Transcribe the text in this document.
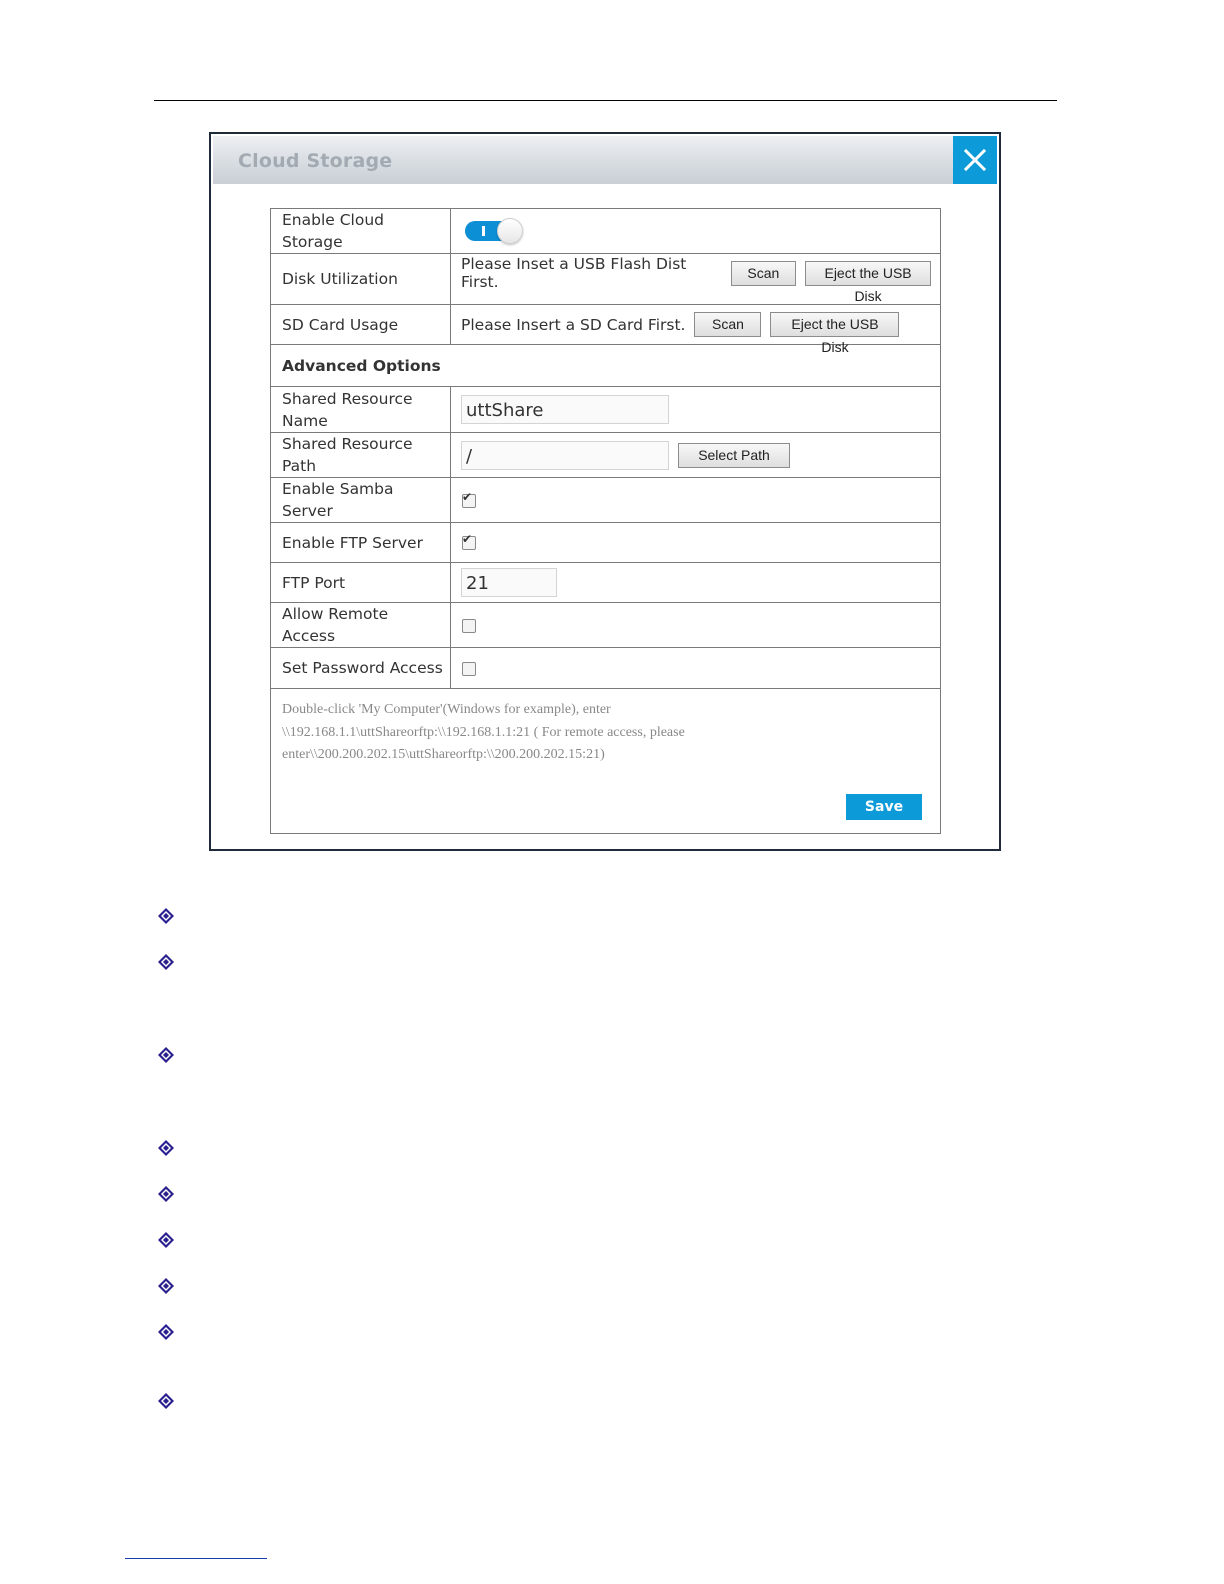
Cloud Storage
Enable Cloud Storage	

Disk Utilization	Please Inset a USB Flash Dist First.
Scan Eject the USB Disk

SD Card Usage	Please Insert a SD Card First. Scan Eject the USB Disk

Advanced Options	
Shared Resource Name	uttShare
Shared Resource Path	/ Select Path

Enable Samba Server	✔

Enable FTP Server	✔

FTP Port	21
Allow Remote Access	
Set Password Access	

Double-click 'My Computer'(Windows for example), enter
\\192.168.1.1\uttShareorftp:\\192.168.1.1:21 ( For remote access, please
enter\\200.200.202.15\uttShareorftp:\\200.200.202.15:21)
Save	
